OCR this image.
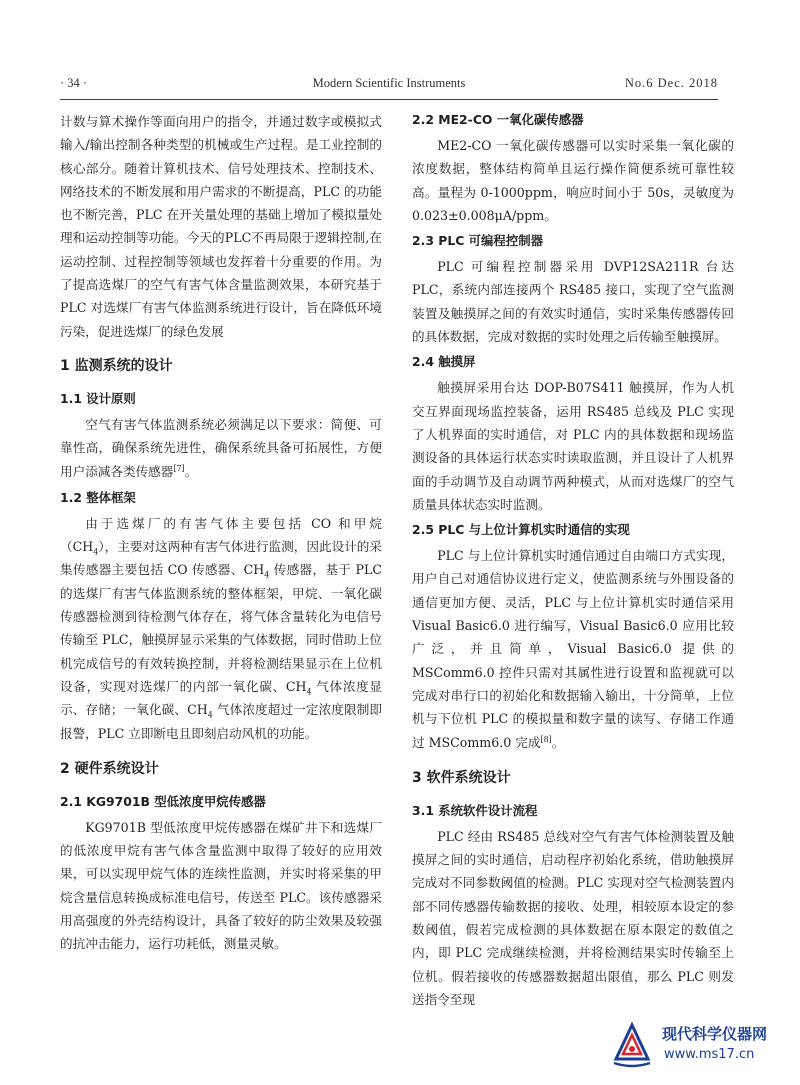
· 34 ·	Modern Scientific Instruments	No.6 Dec. 2018

计数与算术操作等面向用户的指令，并通过数字或模拟式输入/输出控制各种类型的机械或生产过程。是工业控制的核心部分。随着计算机技术、信号处理技术、控制技术、网络技术的不断发展和用户需求的不断提高，PLC 的功能也不断完善，PLC 在开关量处理的基础上增加了模拟量处理和运动控制等功能。今天的PLC不再局限于逻辑控制,在运动控制、过程控制等领域也发挥着十分重要的作用。为了提高选煤厂的空气有害气体含量监测效果，本研究基于 PLC 对选煤厂有害气体监测系统进行设计，旨在降低环境污染，促进选煤厂的绿色发展

1 监测系统的设计
1.1 设计原则

空气有害气体监测系统必须满足以下要求：简便、可靠性高，确保系统先进性，确保系统具备可拓展性，方便用户添减各类传感器[7]。

1.2 整体框架

由于选煤厂的有害气体主要包括 CO 和甲烷$(CH_4)$，主要对这两种有害气体进行监测，因此设计的采集传感器主要包括 CO 传感器、$CH_4$ 传感器，基于 PLC 的选煤厂有害气体监测系统的整体框架，甲烷、一氧化碳传感器检测到待检测气体存在，将气体含量转化为电信号传输至 PLC，触摸屏显示采集的气体数据，同时借助上位机完成信号的有效转换控制，并将检测结果显示在上位机设备，实现对选煤厂的内部一氧化碳、$CH_4$ 气体浓度显示、存储；一氧化碳、$CH_4$ 气体浓度超过一定浓度限制即报警，PLC 立即断电且即刻启动风机的功能。

2 硬件系统设计
2.1 KG9701B 型低浓度甲烷传感器

KG9701B 型低浓度甲烷传感器在煤矿井下和选煤厂的低浓度甲烷有害气体含量监测中取得了较好的应用效果，可以实现甲烷气体的连续性监测，并实时将采集的甲烷含量信息转换成标准电信号，传送至 PLC。该传感器采用高强度的外壳结构设计，具备了较好的防尘效果及较强的抗冲击能力，运行功耗低，测量灵敏。

2.2 ME2-CO 一氧化碳传感器

ME2-CO 一氧化碳传感器可以实时采集一氧化碳的浓度数据，整体结构简单且运行操作简便系统可靠性较高。量程为 0-1000ppm，响应时间小于 50s，灵敏度为 0.023±0.008μA/ppm。

2.3 PLC 可编程控制器

PLC 可编程控制器采用 DVP12SA211R 台达 PLC，系统内部连接两个 RS485 接口，实现了空气监测装置及触摸屏之间的有效实时通信，实时采集传感器传回的具体数据，完成对数据的实时处理之后传输至触摸屏。

2.4 触摸屏

触摸屏采用台达 DOP-B07S411 触摸屏，作为人机交互界面现场监控装备，运用 RS485 总线及 PLC 实现了人机界面的实时通信，对 PLC 内的具体数据和现场监测设备的具体运行状态实时读取监测，并且设计了人机界面的手动调节及自动调节两种模式，从而对选煤厂的空气质量具体状态实时监测。

2.5 PLC 与上位计算机实时通信的实现

PLC 与上位计算机实时通信通过自由端口方式实现，用户自己对通信协议进行定义，使监测系统与外围设备的通信更加方便、灵活，PLC 与上位计算机实时通信采用 Visual Basic6.0 进行编写，Visual Basic6.0 应用比较广泛，并且简单，Visual Basic6.0 提供的 MSComm6.0 控件只需对其属性进行设置和监视就可以完成对串行口的初始化和数据输入输出，十分简单，上位机与下位机 PLC 的模拟量和数字量的读写、存储工作通过 MSComm6.0 完成[8]。

3 软件系统设计
3.1 系统软件设计流程

PLC 经由 RS485 总线对空气有害气体检测装置及触摸屏之间的实时通信，启动程序初始化系统，借助触摸屏完成对不同参数阈值的检测。PLC 实现对空气检测装置内部不同传感器传输数据的接收、处理，相较原本设定的参数阈值，假若完成检测的具体数据在原本限定的数值之内，即 PLC 完成继续检测，并将检测结果实时传输至上位机。假若接收的传感器数据超出限值，那么 PLC 则发送指令至现

现代科学仪器网
www.ms17.cn
